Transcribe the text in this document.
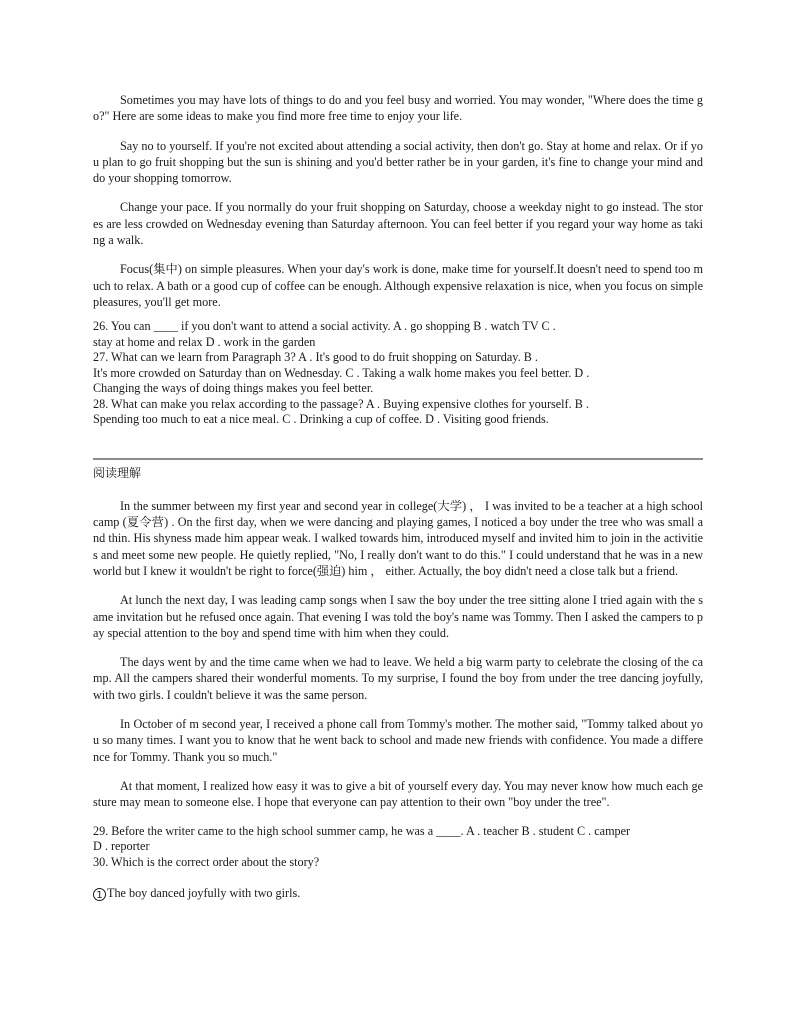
Sometimes you may have lots of things to do and you feel busy and worried. You may wonder, "Where does the time go?" Here are some ideas to make you find more free time to enjoy your life.

Say no to yourself. If you're not excited about attending a social activity, then don't go. Stay at home and relax. Or if you plan to go fruit shopping but the sun is shining and you'd better rather be in your garden, it's fine to change your mind and do your shopping tomorrow.

Change your pace. If you normally do your fruit shopping on Saturday, choose a weekday night to go instead. The stores are less crowded on Wednesday evening than Saturday afternoon. You can feel better if you regard your way home as taking a walk.

Focus(集中) on simple pleasures. When your day's work is done, make time for yourself.It doesn't need to spend too much to relax. A bath or a good cup of coffee can be enough. Although expensive relaxation is nice, when you focus on simple pleasures, you'll get more.

26. You can ____ if you don't want to attend a social activity. A . go shopping B . watch TV C .

stay at home and relax D . work in the garden

27. What can we learn from Paragraph 3? A . It's good to do fruit shopping on Saturday. B .

It's more crowded on Saturday than on Wednesday. C . Taking a walk home makes you feel better. D .

Changing the ways of doing things makes you feel better.

28. What can make you relax according to the passage? A . Buying expensive clothes for yourself. B .

Spending too much to eat a nice meal. C . Drinking a cup of coffee. D . Visiting good friends.

阅读理解

In the summer between my first year and second year in college(大学) ， I was invited to be a teacher at a high school camp (夏令营) . On the first day, when we were dancing and playing games, I noticed a boy under the tree who was small and thin. His shyness made him appear weak. I walked towards him, introduced myself and invited him to join in the activities and meet some new people. He quietly replied, "No, I really don't want to do this." I could understand that he was in a new world but I knew it wouldn't be right to force(强迫) him ， either. Actually, the boy didn't need a close talk but a friend.

At lunch the next day, I was leading camp songs when I saw the boy under the tree sitting alone I tried again with the same invitation but he refused once again. That evening I was told the boy's name was Tommy. Then I asked the campers to pay special attention to the boy and spend time with him when they could.

The days went by and the time came when we had to leave. We held a big warm party to celebrate the closing of the camp. All the campers shared their wonderful moments. To my surprise, I found the boy from under the tree dancing joyfully, with two girls. I couldn't believe it was the same person.

In October of m second year, I received a phone call from Tommy's mother. The mother said, "Tommy talked about you so many times. I want you to know that he went back to school and made new friends with confidence. You made a difference for Tommy. Thank you so much."

At that moment, I realized how easy it was to give a bit of yourself every day. You may never know how much each gesture may mean to someone else. I hope that everyone can pay attention to their own "boy under the tree".

29. Before the writer came to the high school summer camp, he was a ____. A . teacher B . student C . camper

D . reporter

30. Which is the correct order about the story?

1 The boy danced joyfully with two girls.
